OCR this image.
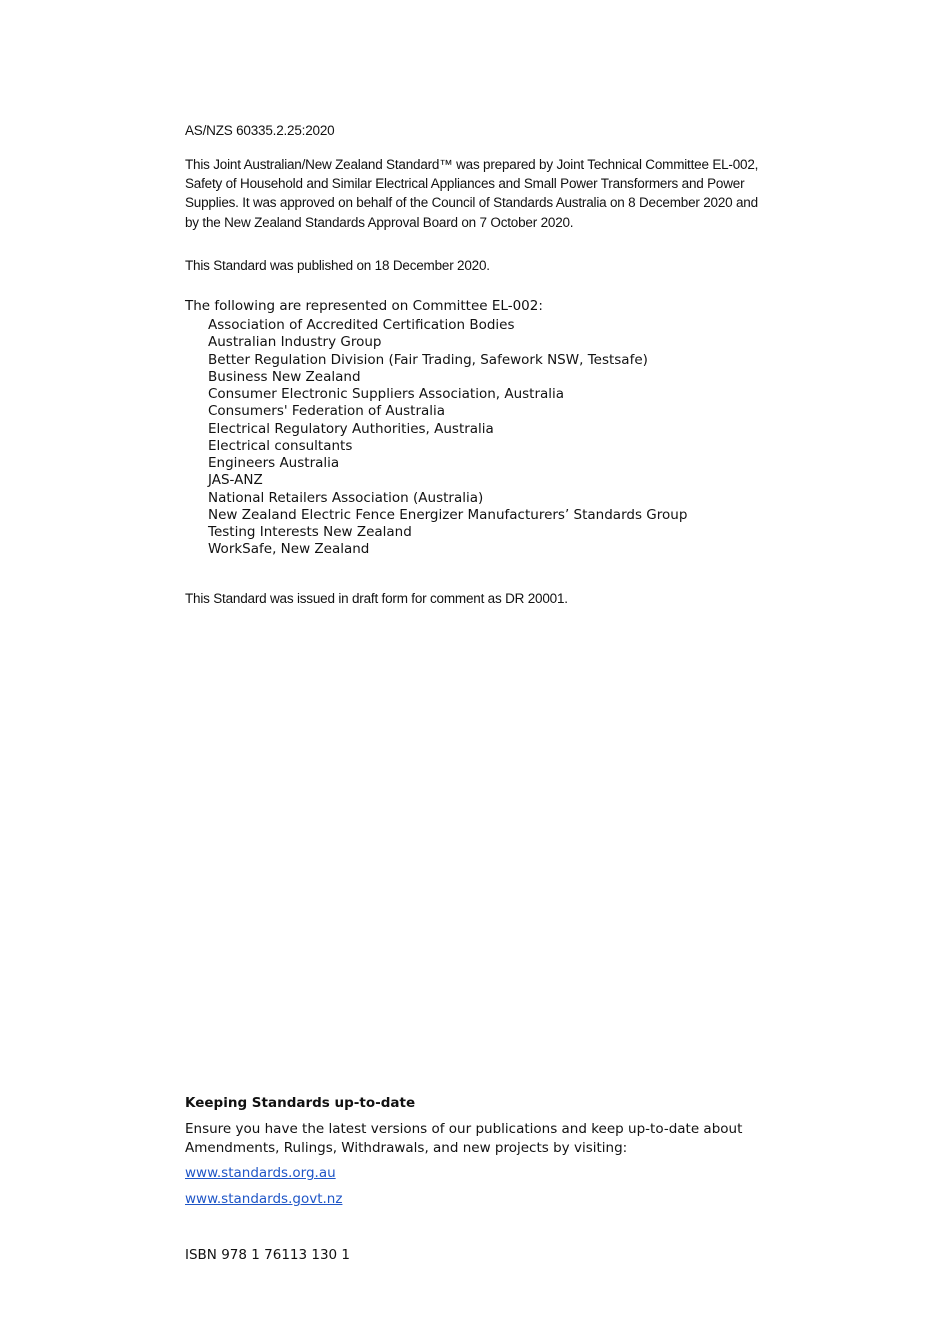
AS/NZS 60335.2.25:2020

This Joint Australian/New Zealand Standard™ was prepared by Joint Technical Committee EL-002, Safety of Household and Similar Electrical Appliances and Small Power Transformers and Power Supplies. It was approved on behalf of the Council of Standards Australia on 8 December 2020 and by the New Zealand Standards Approval Board on 7 October 2020.

This Standard was published on 18 December 2020.

The following are represented on Committee EL-002:

Association of Accredited Certification Bodies
Australian Industry Group
Better Regulation Division (Fair Trading, Safework NSW, Testsafe)
Business New Zealand
Consumer Electronic Suppliers Association, Australia
Consumers' Federation of Australia
Electrical Regulatory Authorities, Australia
Electrical consultants
Engineers Australia
JAS-ANZ
National Retailers Association (Australia)
New Zealand Electric Fence Energizer Manufacturers’ Standards Group
Testing Interests New Zealand
WorkSafe, New Zealand

This Standard was issued in draft form for comment as DR 20001.

Keeping Standards up-to-date

Ensure you have the latest versions of our publications and keep up-to-date about Amendments, Rulings, Withdrawals, and new projects by visiting:

www.standards.org.au
www.standards.govt.nz

ISBN 978 1 76113 130 1
